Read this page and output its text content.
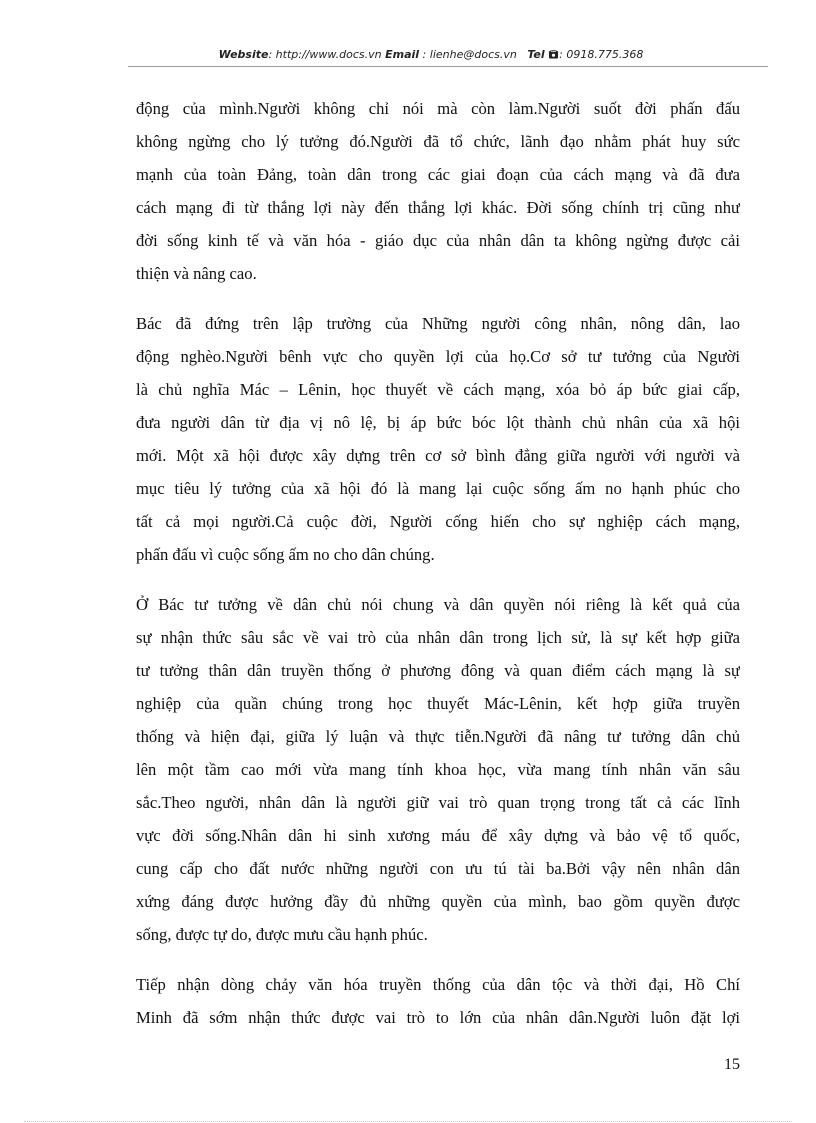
Website: http://www.docs.vn Email : lienhe@docs.vn Tel : 0918.775.368

động của mình.Người không chỉ nói mà còn làm.Người suốt đời phấn đấu
không ngừng cho lý tưởng đó.Người đã tổ chức, lãnh đạo nhằm phát huy sức
mạnh của toàn Đảng, toàn dân trong các giai đoạn của cách mạng và đã đưa
cách mạng đi từ thắng lợi này đến thắng lợi khác. Đời sống chính trị cũng như
đời sống kinh tế và văn hóa - giáo dục của nhân dân ta không ngừng được cải
thiện và nâng cao.

Bác đã đứng trên lập trường của Những người công nhân, nông dân, lao
động nghèo.Người bênh vực cho quyền lợi của họ.Cơ sở tư tưởng của Người
là chủ nghĩa Mác – Lênin, học thuyết về cách mạng, xóa bỏ áp bức giai cấp,
đưa người dân từ địa vị nô lệ, bị áp bức bóc lột thành chủ nhân của xã hội
mới. Một xã hội được xây dựng trên cơ sở bình đẳng giữa người với người và
mục tiêu lý tưởng của xã hội đó là mang lại cuộc sống ấm no hạnh phúc cho
tất cả mọi người.Cả cuộc đời, Người cống hiến cho sự nghiệp cách mạng,
phấn đấu vì cuộc sống ấm no cho dân chúng.

Ở Bác tư tưởng về dân chủ nói chung và dân quyền nói riêng là kết quả của
sự nhận thức sâu sắc về vai trò của nhân dân trong lịch sử, là sự kết hợp giữa
tư tưởng thân dân truyền thống ở phương đông và quan điểm cách mạng là sự
nghiệp của quần chúng trong học thuyết Mác-Lênin, kết hợp giữa truyền
thống và hiện đại, giữa lý luận và thực tiễn.Người đã nâng tư tưởng dân chủ
lên một tầm cao mới vừa mang tính khoa học, vừa mang tính nhân văn sâu
sắc.Theo người, nhân dân là người giữ vai trò quan trọng trong tất cả các lĩnh
vực đời sống.Nhân dân hi sinh xương máu để xây dựng và bảo vệ tổ quốc,
cung cấp cho đất nước những người con ưu tú tài ba.Bởi vậy nên nhân dân
xứng đáng được hưởng đầy đủ những quyền của mình, bao gồm quyền được
sống, được tự do, được mưu cầu hạnh phúc.

Tiếp nhận dòng chảy văn hóa truyền thống của dân tộc và thời đại, Hồ Chí
Minh đã sớm nhận thức được vai trò to lớn của nhân dân.Người luôn đặt lợi

15
